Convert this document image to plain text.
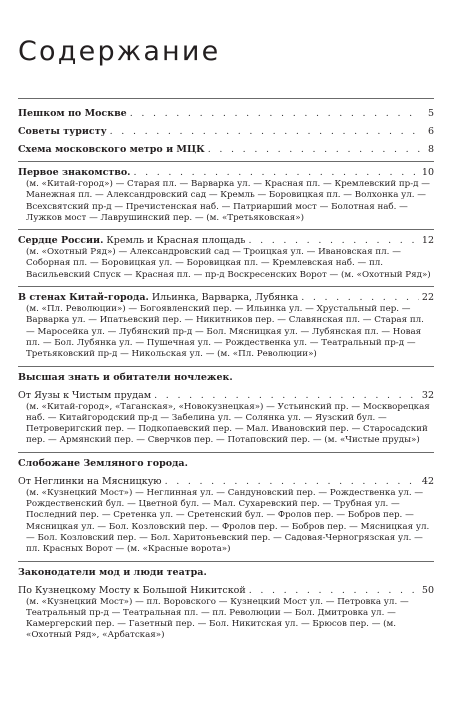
Содержание
Пешком по Москве . . .	5
Советы туристу . . .	6
Схема московского метро и МЦК . . .	8
Первое знакомство. . . .	10
(м. «Китай-город») — Старая пл. — Варварка ул. — Красная пл. — Кремлевский пр-д — Манежная пл. — Александровский сад — Кремль — Боровицкая пл. — Волхонка ул. — Всехсвятский пр-д — Пречистенская наб. — Патриарший мост — Болотная наб. — Лужков мост — Лаврушинский пер. — (м. «Третьяковская»)
Сердце России. Кремль и Красная площадь . . .	12
(м. «Охотный Ряд») — Александровский сад — Троицкая ул. — Ивановская пл. — Соборная пл. — Боровицкая ул. — Боровицкая пл. — Кремлевская наб. — пл. Васильевский Спуск — Красная пл. — пр-д Воскресенских Ворот — (м. «Охотный Ряд»)
В стенах Китай-города. Ильинка, Варварка, Лубянка . . .	22
(м. «Пл. Революции») — Богоявленский пер. — Ильинка ул. — Хрустальный пер. — Варварка ул. — Ипатьевский пер. — Никитников пер. — Славянская пл. — Старая пл. — Маросейка ул. — Лубянский пр-д — Бол. Мясницкая ул. — Лубянская пл. — Новая пл. — Бол. Лубянка ул. — Пушечная ул. — Рождественка ул. — Театральный пр-д — Третьяковский пр-д — Никольская ул. — (м. «Пл. Революции»)
Высшая знать и обитатели ночлежек.
От Яузы к Чистым прудам . . .	32
(м. «Китай-город», «Таганская», «Новокузнецкая») — Устьинский пр. — Москворецкая наб. — Китайгородский пр-д — Забелина ул. — Солянка ул. — Яузский бул. — Петроверигский пер. — Подкопаевский пер. — Мал. Ивановский пер. — Старосадский пер. — Армянский пер. — Сверчков пер. — Потаповский пер. — (м. «Чистые пруды»)
Слобожане Земляного города.
От Неглинки на Мясницкую . . .	42
(м. «Кузнецкий Мост») — Неглинная ул. — Сандуновский пер. — Рождественка ул. — Рождественский бул. — Цветной бул. — Мал. Сухаревский пер. — Трубная ул. — Последний пер. — Сретенка ул. — Сретенский бул. — Фролов пер. — Бобров пер. — Мясницкая ул. — Бол. Козловский пер. — Фролов пер. — Бобров пер. — Мясницкая ул. — Бол. Козловский пер. — Бол. Харитоньевский пер. — Садовая-Черногрязская ул. — пл. Красных Ворот — (м. «Красные ворота»)
Законодатели мод и люди театра.
По Кузнецкому Мосту к Большой Никитской . . .	50
(м. «Кузнецкий Мост») — пл. Воровского — Кузнецкий Мост ул. — Петровка ул. — Театральный пр-д — Театральная пл. — пл. Революции — Бол. Дмитровка ул. — Камергерский пер. — Газетный пер. — Бол. Никитская ул. — Брюсов пер. — (м. «Охотный Ряд», «Арбатская»)
